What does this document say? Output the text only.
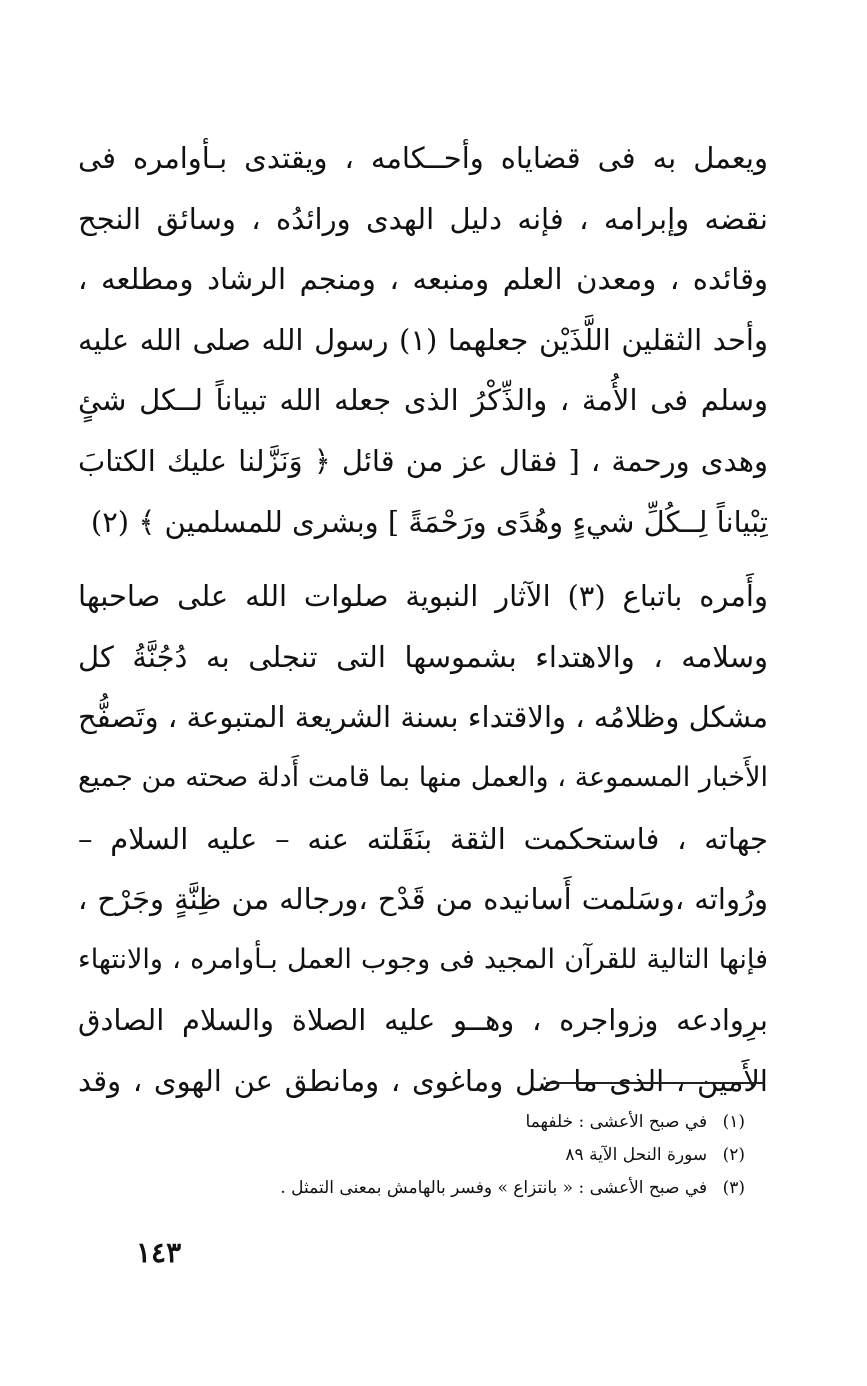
ويعمل به فى قضاياه وأحــكامه ، ويقتدى بـأوامره فى
نقضه وإبرامه ، فإنه دليل الهدى ورائدُه ، وسائق النجح
وقائده ، ومعدن العلم ومنبعه ، ومنجم الرشاد ومطلعه ،
وأحد الثقلين اللَّذَيْن جعلهما (١) رسول الله صلى الله عليه
وسلم فى الأُمة ، والذِّكْرُ الذى جعله الله تبياناً لــكل شئٍ
وهدى ورحمة ، [ فقال عز من قائل ﴿ وَنَزَّلنا عليك الكتابَ
تِبْياناً لِــكُلِّ شيءٍ وهُدًى ورَحْمَةً ] وبشرى للمسلمين ﴾ (٢)

وأَمره باتباع (٣) الآثار النبوية صلوات الله على صاحبها
وسلامه ، والاهتداء بشموسها التى تنجلى به دُجُنَّةُ كل
مشكل وظلامُه ، والاقتداء بسنة الشريعة المتبوعة ، وتَصفُّح
الأَخبار المسموعة ، والعمل منها بما قامت أَدلة صحته من جميع
جهاته ، فاستحكمت الثقة بنَقَلته عنه – عليه السلام –
ورُواته ،وسَلمت أَسانيده من قَدْح ،ورجاله من ظِنَّةٍ وجَرْح ،
فإنها التالية للقرآن المجيد فى وجوب العمل بـأوامره ، والانتهاء
برِوادعه وزواجره ، وهــو عليه الصلاة والسلام الصادق
الأَمين ، الذى ما ضل وماغوى ، ومانطق عن الهوى ، وقد

(١) في صبح الأعشى : خلفهما
(٢) سورة النحل الآية ٨٩
(٣) في صبح الأعشى : « بانتزاع » وفسر بالهامش بمعنى التمثل .
١٤٣
